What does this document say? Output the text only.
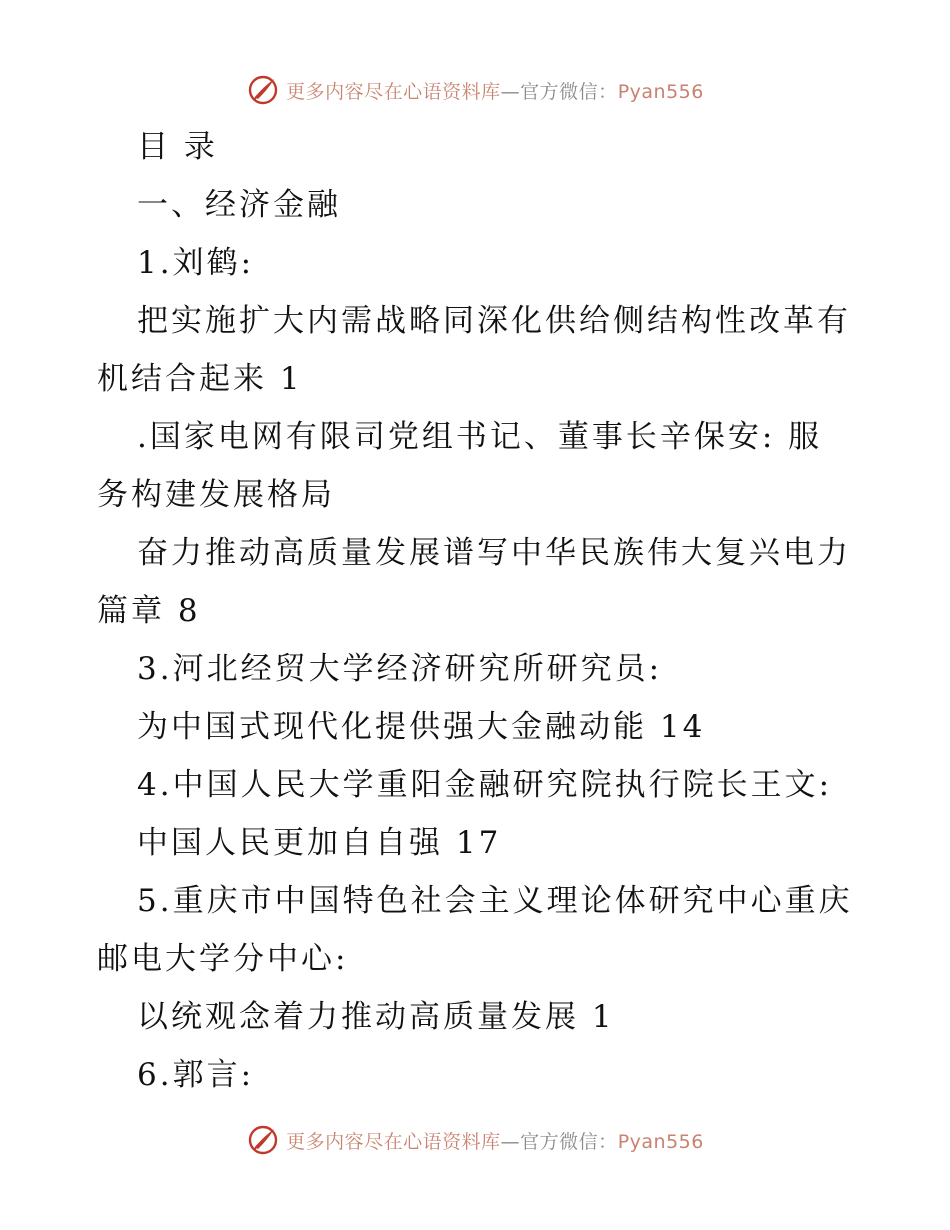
更多内容尽在心语资料库—官方微信：Pyan556
目 录
一、经济金融
1.刘鹤:
把实施扩大内需战略同深化供给侧结构性改革有
机结合起来 1
.国家电网有限司党组书记、董事长辛保安: 服
务构建发展格局
奋力推动高质量发展谱写中华民族伟大复兴电力
篇章 8
3.河北经贸大学经济研究所研究员:
为中国式现代化提供强大金融动能 14
4.中国人民大学重阳金融研究院执行院长王文:
中国人民更加自自强 17
5.重庆市中国特色社会主义理论体研究中心重庆
邮电大学分中心:
以统观念着力推动高质量发展 1
6.郭言:
更多内容尽在心语资料库—官方微信：Pyan556
